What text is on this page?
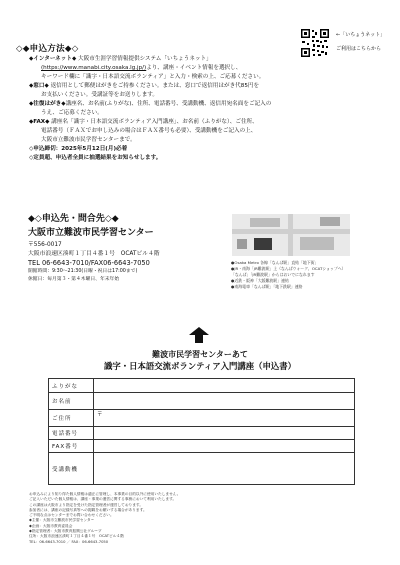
←「いちょうネット」
ご利用はこちらから
◇◆申込方法◆◇
◆インターネット◆ 大阪市生涯学習情報提供システム「いちょうネット」
(https://www.manabi.city.osaka.lg.jp/)より、講座・イベント情報を選択し、
キーワード欄に「識字・日本語交流ボランティア」と入力・検索の上、ご応募ください。
◆窓口◆ 返信用として郵便はがきをご持参ください。または、窓口で返信用はがき代85円を
お支払いください。受講証等をお送りします。
◆往復はがき◆講座名、お名前(ふりがな)、住所、電話番号、受講動機、返信用宛名面をご記入の
うえ、ご応募ください。
◆FAX◆ 講座名「識字・日本語交流ボランティア入門講座」、お名前（ふりがな）、ご住所、
電話番号（ＦＡＸでお申し込みの場合はＦＡＸ番号も必要）、受講動機をご記入の上、
大阪市立難波市民学習センターまで。
◇申込締切：2025年5月12日(月)必着
◇定員超、申込者全員に抽選結果をお知らせします。
◆◇申込先・問合先◇◆
大阪市立難波市民学習センター
〒556-0017
大阪市浪速区湊町１丁目４番１号　OCATビル４階
TEL 06-6643-7010/FAX06-6643-7050
開館時間：9:30～21:30(日曜・祝日は17:00まで)
休館日：毎月第３・第４木曜日、年末年始
●Osaka Metro 各線「なんば駅」直結「地下街」
●JR・南海「JR難波駅」上（なんばウォーク、OCATショップへ）
「なんば」「JR難波駅」からはおいでになれます
●近鉄・阪神「大阪難波駅」連結
●南海電車「なんば駅」「地下鉄駅」連絡
難波市民学習センターあて
識字・日本語交流ボランティア入門講座（申込書）
ふりがな	
お名前	
ご住所	〒
電話番号	
FAX番号	
受講動機	
お申込みにより知り得た個人情報は適正に管理し、本事業の目的以外に使用いたしません。
ご記入いただいた個人情報は、講座・事業の運営に関する事務において利用いたします。
この講座は大阪市より指定を受けた指定管理者が運営しております。
参加者には、講座の記録写真等への掲載をお願いする場合があります。
ご不明な点はセンターまでお問い合わせください。
◆主催：大阪市立難波市民学習センター
◆企画：大阪市教育委員会
◆指定管理者：大阪市教育振興公社グループ
住所：大阪市浪速区湊町１丁目４番１号　OCATビル４階
TEL：06-6643-7010 ／ FAX：06-6643-7050
